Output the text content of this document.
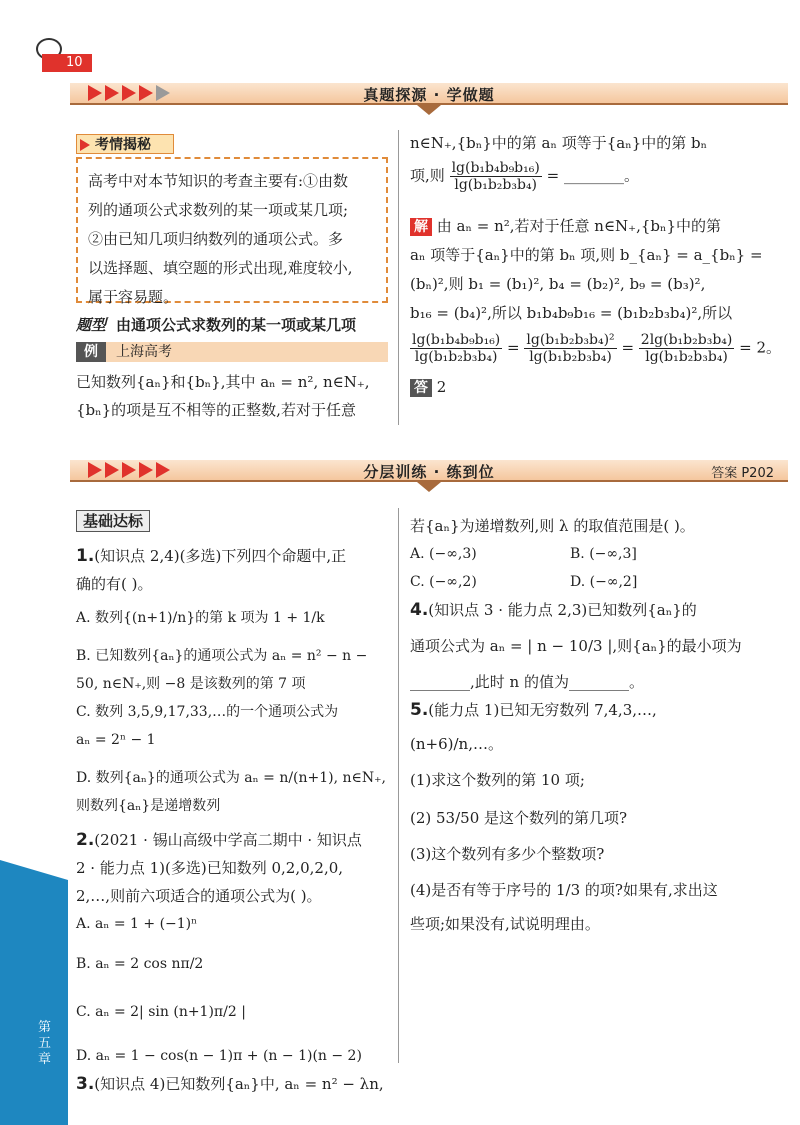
10
真题探源 · 学做题
考情揭秘
高考中对本节知识的考查主要有:①由数
列的通项公式求数列的某一项或某几项;
②由已知几项归纳数列的通项公式。多
以选择题、填空题的形式出现,难度较小,
属于容易题。
题型 由通项公式求数列的某一项或某几项
例 上海高考
已知数列{aₙ}和{bₙ},其中 aₙ = n², n∈N₊,
{bₙ}的项是互不相等的正整数,若对于任意
n∈N₊,{bₙ}中的第 aₙ 项等于{aₙ}中的第 bₙ
项,则 $\frac{\text{lg(b₁b₄b₉b₁₆)}}{\text{lg(b₁b₂b₃b₄)}}$ = ________。
解 由 aₙ = n²,若对于任意 n∈N₊,{bₙ}中的第
aₙ 项等于{aₙ}中的第 bₙ 项,则 b_{aₙ} = a_{bₙ} =
(bₙ)²,则 b₁ = (b₁)², b₄ = (b₂)², b₉ = (b₃)²,
b₁₆ = (b₄)²,所以 b₁b₄b₉b₁₆ = (b₁b₂b₃b₄)²,所以
$\frac{\text{lg(b₁b₄b₉b₁₆)}}{\text{lg(b₁b₂b₃b₄)}} = \frac{\text{lg(b₁b₂b₃b₄)²}}{\text{lg(b₁b₂b₃b₄)}} = \frac{\text{2lg(b₁b₂b₃b₄)}}{\text{lg(b₁b₂b₃b₄)}} = 2$。
答 2
分层训练 · 练到位	答案 P202
基础达标
1.(知识点 2,4)(多选)下列四个命题中,正
确的有( )。
A. 数列{(n+1)/n}的第 k 项为 1 + 1/k
B. 已知数列{aₙ}的通项公式为 aₙ = n² − n −
50, n∈N₊,则 −8 是该数列的第 7 项
C. 数列 3,5,9,17,33,…的一个通项公式为
aₙ = 2ⁿ − 1
D. 数列{aₙ}的通项公式为 aₙ = n/(n+1), n∈N₊,
则数列{aₙ}是递增数列
2.(2021 · 锡山高级中学高二期中 · 知识点
2 · 能力点 1)(多选)已知数列 0,2,0,2,0,
2,…,则前六项适合的通项公式为( )。
A. aₙ = 1 + (−1)ⁿ
B. aₙ = 2 cos nπ/2
C. aₙ = 2| sin (n+1)π/2 |
D. aₙ = 1 − cos(n − 1)π + (n − 1)(n − 2)
3.(知识点 4)已知数列{aₙ}中, aₙ = n² − λn,
若{aₙ}为递增数列,则 λ 的取值范围是( )。
A. (−∞,3)	B. (−∞,3]
C. (−∞,2)	D. (−∞,2]
4.(知识点 3 · 能力点 2,3)已知数列{aₙ}的
通项公式为 aₙ = | n − 10/3 |,则{aₙ}的最小项为
________,此时 n 的值为________。
5.(能力点 1)已知无穷数列 7,4,3,…,
(n+6)/n,…。
(1)求这个数列的第 10 项;
(2) 53/50 是这个数列的第几项?
(3)这个数列有多少个整数项?
(4)是否有等于序号的 1/3 的项?如果有,求出这
些项;如果没有,试说明理由。
第五章
